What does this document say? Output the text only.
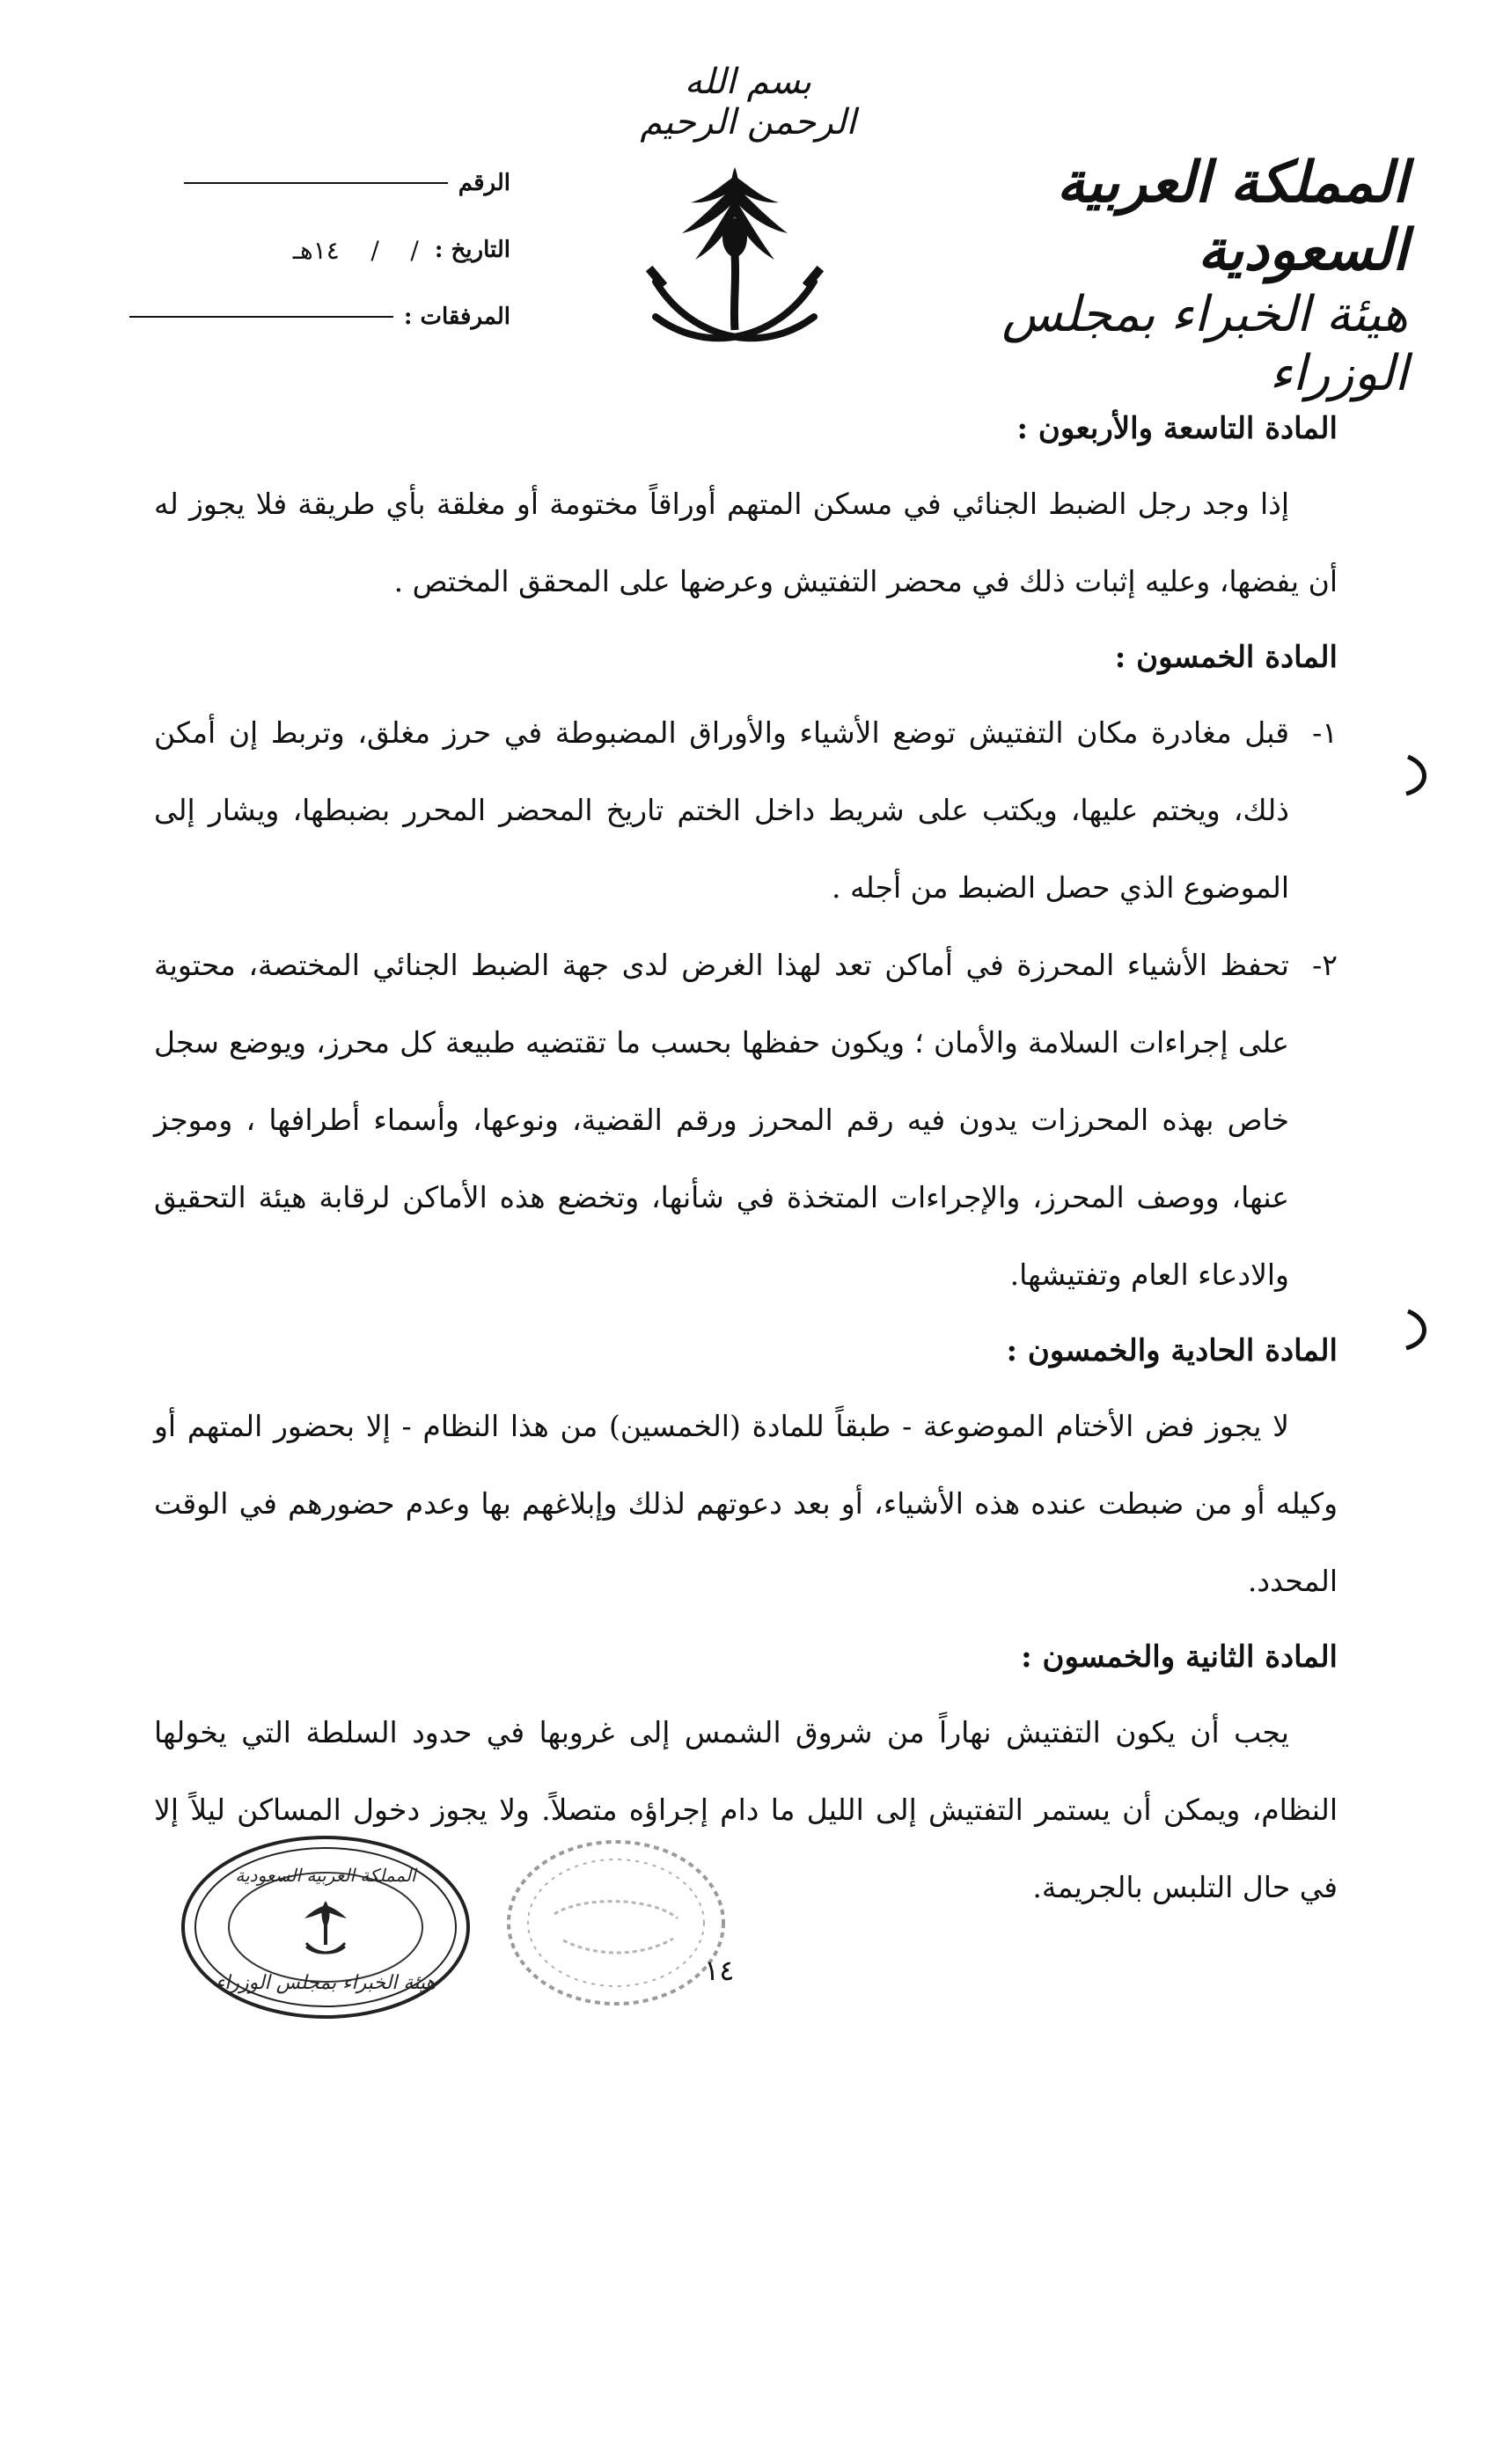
بسم الله الرحمن الرحيم
المملكة العربية السعودية
هيئة الخبراء بمجلس الوزراء
الرقم
التاريخ :
/    /    ١٤هـ
المرفقات :
المادة التاسعة والأربعون :

إذا وجد رجل الضبط الجنائي في مسكن المتهم أوراقاً مختومة أو مغلقة بأي طريقة فلا يجوز له أن يفضها، وعليه إثبات ذلك في محضر التفتيش وعرضها على المحقق المختص .

المادة الخمسون :
١-

قبل مغادرة مكان التفتيش توضع الأشياء والأوراق المضبوطة في حرز مغلق، وتربط إن أمكن ذلك، ويختم عليها، ويكتب على شريط داخل الختم تاريخ المحضر المحرر بضبطها، ويشار إلى الموضوع الذي حصل الضبط من أجله .

٢-

تحفظ الأشياء المحرزة في أماكن تعد لهذا الغرض لدى جهة الضبط الجنائي المختصة، محتوية على إجراءات السلامة والأمان ؛ ويكون حفظها بحسب ما تقتضيه طبيعة كل محرز، ويوضع سجل خاص بهذه المحرزات يدون فيه رقم المحرز ورقم القضية، ونوعها، وأسماء أطرافها ، وموجز عنها، ووصف المحرز، والإجراءات المتخذة في شأنها، وتخضع هذه الأماكن لرقابة هيئة التحقيق والادعاء العام وتفتيشها.

المادة الحادية والخمسون :

لا يجوز فض الأختام الموضوعة - طبقاً للمادة (الخمسين) من هذا النظام - إلا بحضور المتهم أو وكيله أو من ضبطت عنده هذه الأشياء، أو بعد دعوتهم لذلك وإبلاغهم بها وعدم حضورهم في الوقت المحدد.

المادة الثانية والخمسون :

يجب أن يكون التفتيش نهاراً من شروق الشمس إلى غروبها في حدود السلطة التي يخولها النظام، ويمكن أن يستمر التفتيش إلى الليل ما دام إجراؤه متصلاً. ولا يجوز دخول المساكن ليلاً إلا في حال التلبس بالجريمة.

المملكة العربية السعودية
هيئة الخبراء بمجلس الوزراء	١٤
